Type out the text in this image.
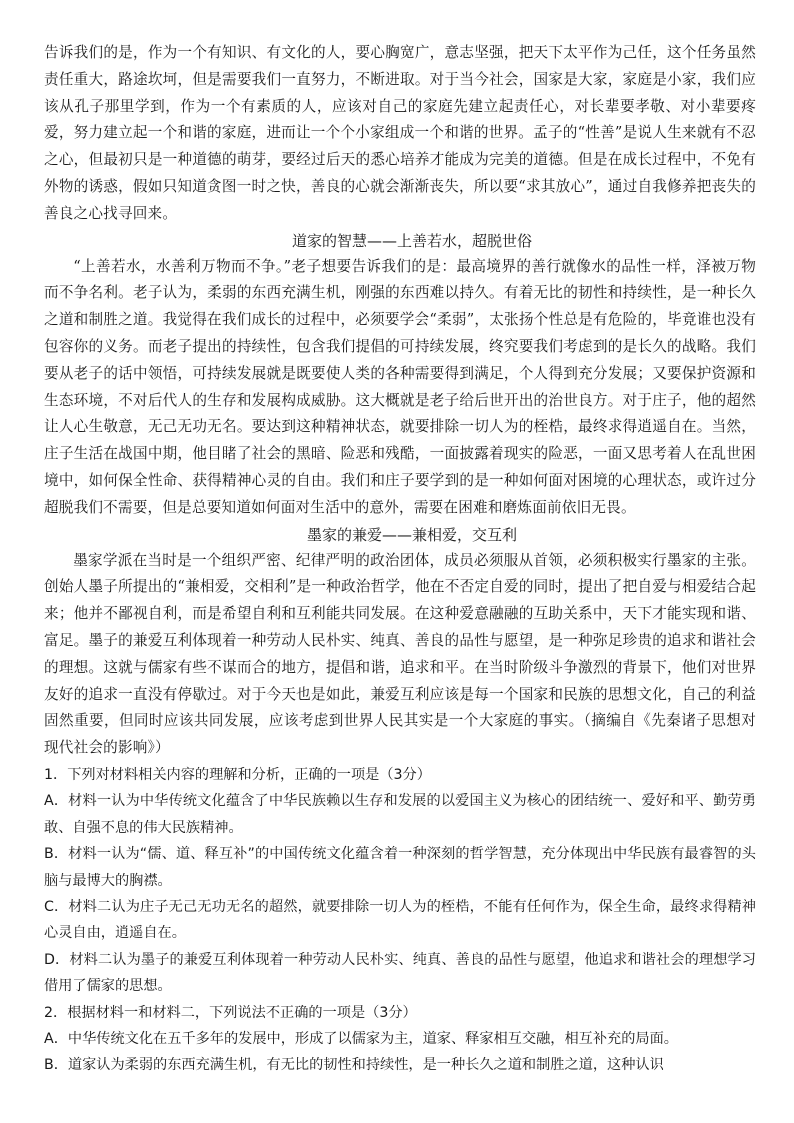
告诉我们的是，作为一个有知识、有文化的人，要心胸宽广，意志坚强，把天下太平作为己任，这个任务虽然责任重大，路途坎坷，但是需要我们一直努力，不断进取。对于当今社会，国家是大家，家庭是小家，我们应该从孔子那里学到，作为一个有素质的人，应该对自己的家庭先建立起责任心，对长辈要孝敬、对小辈要疼爱，努力建立起一个和谐的家庭，进而让一个个小家组成一个和谐的世界。孟子的“性善”是说人生来就有不忍之心，但最初只是一种道德的萌芽，要经过后天的悉心培养才能成为完美的道德。但是在成长过程中，不免有外物的诱惑，假如只知道贪图一时之快，善良的心就会渐渐丧失，所以要“求其放心”，通过自我修养把丧失的善良之心找寻回来。

道家的智慧——上善若水，超脱世俗

“上善若水，水善利万物而不争。”老子想要告诉我们的是：最高境界的善行就像水的品性一样，泽被万物而不争名利。老子认为，柔弱的东西充满生机，刚强的东西难以持久。有着无比的韧性和持续性，是一种长久之道和制胜之道。我觉得在我们成长的过程中，必须要学会“柔弱”，太张扬个性总是有危险的，毕竟谁也没有包容你的义务。而老子提出的持续性，包含我们提倡的可持续发展，终究要我们考虑到的是长久的战略。我们要从老子的话中领悟，可持续发展就是既要使人类的各种需要得到满足，个人得到充分发展；又要保护资源和生态环境，不对后代人的生存和发展构成威胁。这大概就是老子给后世开出的治世良方。对于庄子，他的超然让人心生敬意，无己无功无名。要达到这种精神状态，就要排除一切人为的桎梏，最终求得逍遥自在。当然，庄子生活在战国中期，他目睹了社会的黑暗、险恶和残酷，一面披露着现实的险恶，一面又思考着人在乱世困境中，如何保全性命、获得精神心灵的自由。我们和庄子要学到的是一种如何面对困境的心理状态，或许过分超脱我们不需要，但是总要知道如何面对生活中的意外，需要在困难和磨炼面前依旧无畏。

墨家的兼爱——兼相爱，交互利

墨家学派在当时是一个组织严密、纪律严明的政治团体，成员必须服从首领，必须积极实行墨家的主张。创始人墨子所提出的“兼相爱，交相利”是一种政治哲学，他在不否定自爱的同时，提出了把自爱与相爱结合起来；他并不鄙视自利，而是希望自利和互利能共同发展。在这种爱意融融的互助关系中，天下才能实现和谐、富足。墨子的兼爱互利体现着一种劳动人民朴实、纯真、善良的品性与愿望，是一种弥足珍贵的追求和谐社会的理想。这就与儒家有些不谋而合的地方，提倡和谐，追求和平。在当时阶级斗争激烈的背景下，他们对世界友好的追求一直没有停歇过。对于今天也是如此，兼爱互利应该是每一个国家和民族的思想文化，自己的利益固然重要，但同时应该共同发展，应该考虑到世界人民其实是一个大家庭的事实。（摘编自《先秦诸子思想对现代社会的影响》）

1．下列对材料相关内容的理解和分析，正确的一项是（3分）

A．材料一认为中华传统文化蕴含了中华民族赖以生存和发展的以爱国主义为核心的团结统一、爱好和平、勤劳勇敢、自强不息的伟大民族精神。

B．材料一认为“儒、道、释互补”的中国传统文化蕴含着一种深刻的哲学智慧，充分体现出中华民族有最睿智的头脑与最博大的胸襟。

C．材料二认为庄子无己无功无名的超然，就要排除一切人为的桎梏，不能有任何作为，保全生命，最终求得精神心灵自由，逍遥自在。

D．材料二认为墨子的兼爱互利体现着一种劳动人民朴实、纯真、善良的品性与愿望，他追求和谐社会的理想学习借用了儒家的思想。

2．根据材料一和材料二，下列说法不正确的一项是（3分）

A．中华传统文化在五千多年的发展中，形成了以儒家为主，道家、释家相互交融，相互补充的局面。

B．道家认为柔弱的东西充满生机，有无比的韧性和持续性，是一种长久之道和制胜之道，这种认识
